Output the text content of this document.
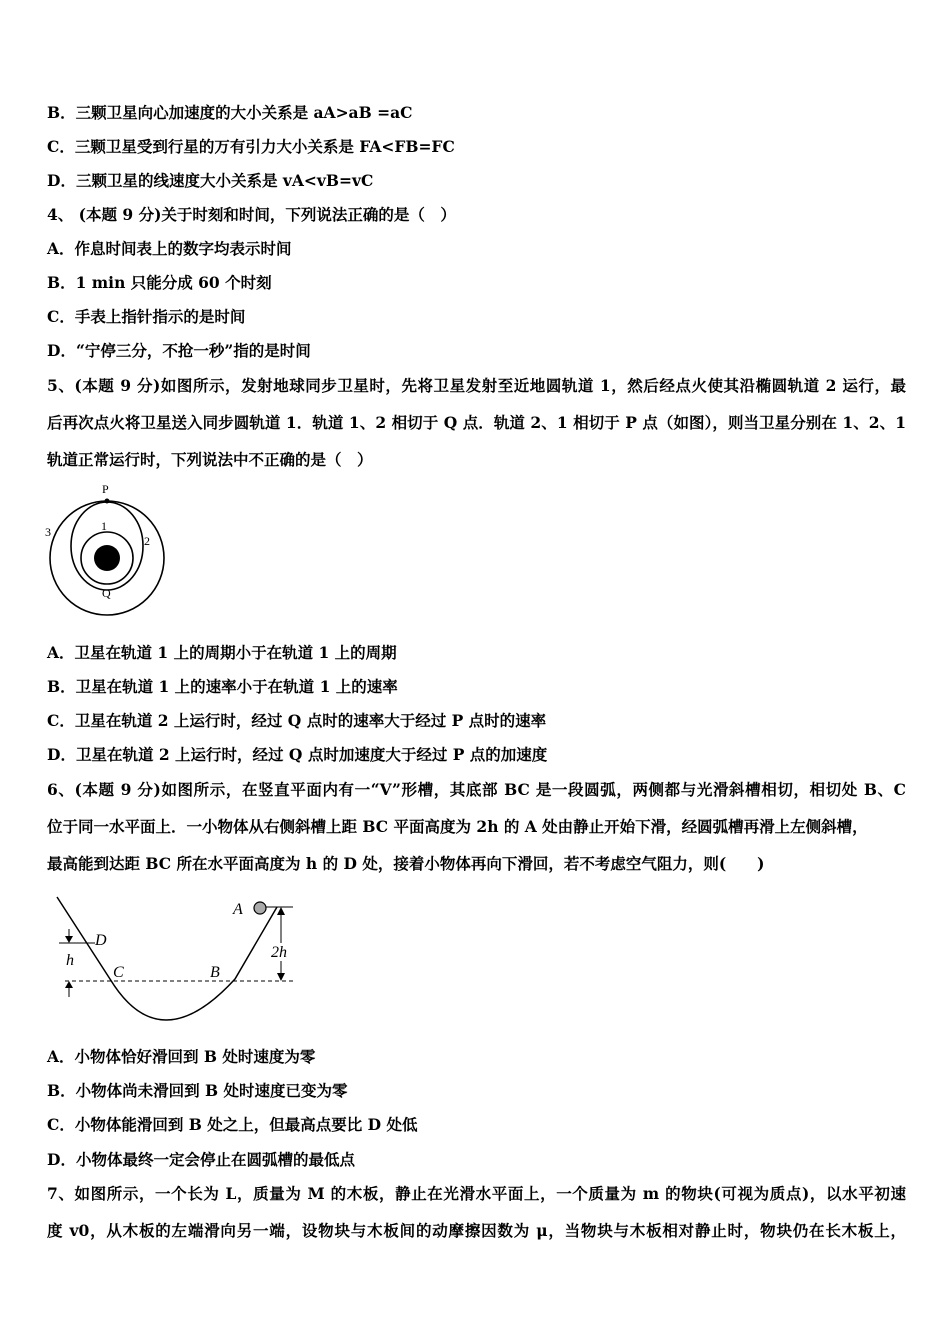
B．三颗卫星向心加速度的大小关系是 aA>aB =aC
C．三颗卫星受到行星的万有引力大小关系是 FA<FB=FC
D．三颗卫星的线速度大小关系是 vA<vB=vC
4、 (本题 9 分)关于时刻和时间，下列说法正确的是（　）
A．作息时间表上的数字均表示时间
B．1 min 只能分成 60 个时刻
C．手表上指针指示的是时间
D．“宁停三分，不抢一秒”指的是时间
5、(本题 9 分)如图所示，发射地球同步卫星时，先将卫星发射至近地圆轨道 1，然后经点火使其沿椭圆轨道 2 运行，最
后再次点火将卫星送入同步圆轨道 1．轨道 1、2 相切于 Q 点．轨道 2、1 相切于 P 点（如图），则当卫星分别在 1、2、1
轨道正常运行时，下列说法中不正确的是（　）
P
Q
1
2
3
A．卫星在轨道 1 上的周期小于在轨道 1 上的周期
B．卫星在轨道 1 上的速率小于在轨道 1 上的速率
C．卫星在轨道 2 上运行时，经过 Q 点时的速率大于经过 P 点时的速率
D．卫星在轨道 2 上运行时，经过 Q 点时加速度大于经过 P 点的加速度
6、(本题 9 分)如图所示，在竖直平面内有一“V”形槽，其底部 BC 是一段圆弧，两侧都与光滑斜槽相切，相切处 B、C
位于同一水平面上．一小物体从右侧斜槽上距 BC 平面高度为 2h 的 A 处由静止开始下滑，经圆弧槽再滑上左侧斜槽，
最高能到达距 BC 所在水平面高度为 h 的 D 处，接着小物体再向下滑回，若不考虑空气阻力，则(　　)
A
D
h
C	B
2h
A．小物体恰好滑回到 B 处时速度为零
B．小物体尚未滑回到 B 处时速度已变为零
C．小物体能滑回到 B 处之上，但最高点要比 D 处低
D．小物体最终一定会停止在圆弧槽的最低点
7、如图所示，一个长为 L，质量为 M 的木板，静止在光滑水平面上，一个质量为 m 的物块(可视为质点)，以水平初速
度 v0，从木板的左端滑向另一端，设物块与木板间的动摩擦因数为 μ，当物块与木板相对静止时，物块仍在长木板上，
